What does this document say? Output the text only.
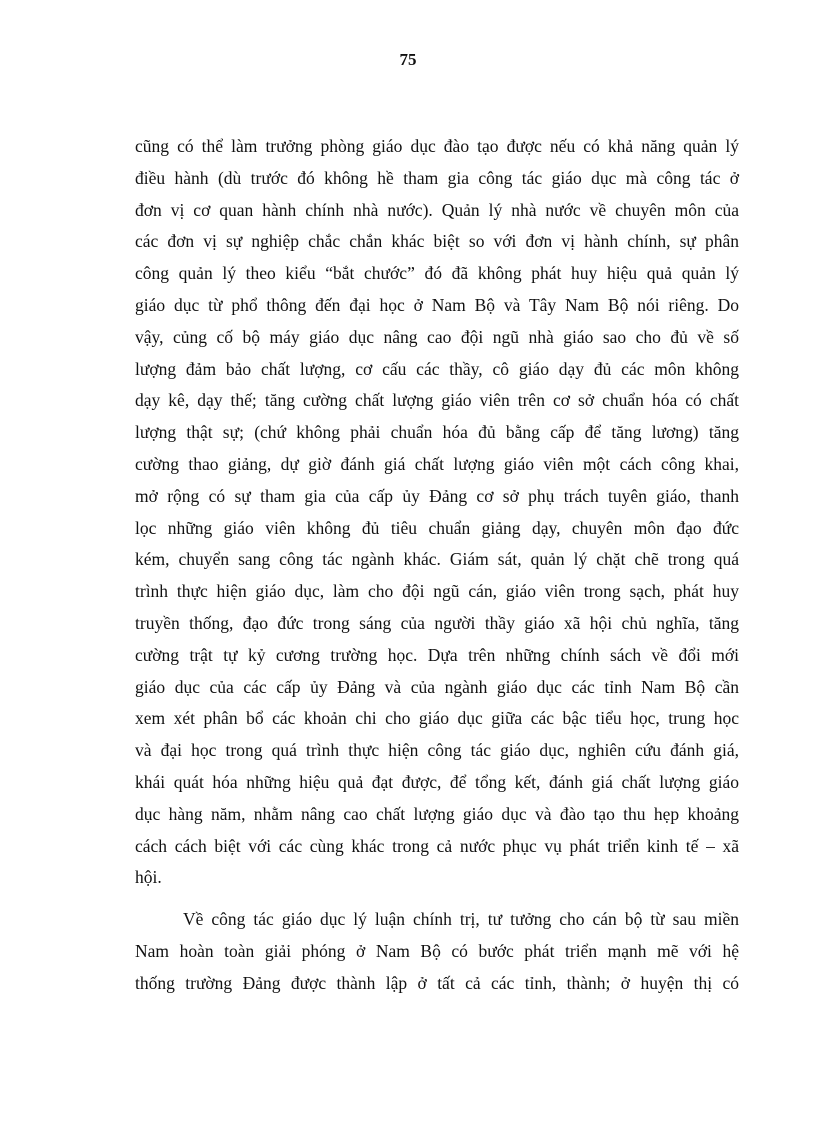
75
cũng có thể làm trưởng phòng giáo dục đào tạo được nếu có khả năng quản lý
điều hành (dù trước đó không hề tham gia công tác giáo dục mà công tác ở
đơn vị cơ quan hành chính nhà nước). Quản lý nhà nước về chuyên môn của
các đơn vị sự nghiệp chắc chắn khác biệt so với đơn vị hành chính, sự phân
công quản lý theo kiểu “bắt chước” đó đã không phát huy hiệu quả quản lý
giáo dục từ phổ thông đến đại học ở Nam Bộ và Tây Nam Bộ nói riêng. Do
vậy, củng cố bộ máy giáo dục nâng cao đội ngũ nhà giáo sao cho đủ về số
lượng đảm bảo chất lượng, cơ cấu các thầy, cô giáo dạy đủ các môn không
dạy kê, dạy thế; tăng cường chất lượng giáo viên trên cơ sở chuẩn hóa có chất
lượng thật sự; (chứ không phải chuẩn hóa đủ bằng cấp để tăng lương) tăng
cường thao giảng, dự giờ đánh giá chất lượng giáo viên một cách công khai,
mở rộng có sự tham gia của cấp ủy Đảng cơ sở phụ trách tuyên giáo, thanh
lọc những giáo viên không đủ tiêu chuẩn giảng dạy, chuyên môn đạo đức
kém, chuyển sang công tác ngành khác. Giám sát, quản lý chặt chẽ trong quá
trình thực hiện giáo dục, làm cho đội ngũ cán, giáo viên trong sạch, phát huy
truyền thống, đạo đức trong sáng của người thầy giáo xã hội chủ nghĩa, tăng
cường trật tự kỷ cương trường học. Dựa trên những chính sách về đổi mới
giáo dục của các cấp ủy Đảng và của ngành giáo dục các tỉnh Nam Bộ cần
xem xét phân bổ các khoản chi cho giáo dục giữa các bậc tiểu học, trung học
và đại học trong quá trình thực hiện công tác giáo dục, nghiên cứu đánh giá,
khái quát hóa những hiệu quả đạt được, để tổng kết, đánh giá chất lượng giáo
dục hàng năm, nhằm nâng cao chất lượng giáo dục và đào tạo thu hẹp khoảng
cách cách biệt với các cùng khác trong cả nước phục vụ phát triển kinh tế – xã
hội.
Về công tác giáo dục lý luận chính trị, tư tưởng cho cán bộ từ sau miền
Nam hoàn toàn giải phóng ở Nam Bộ có bước phát triển mạnh mẽ với hệ
thống trường Đảng được thành lập ở tất cả các tỉnh, thành; ở huyện thị có
